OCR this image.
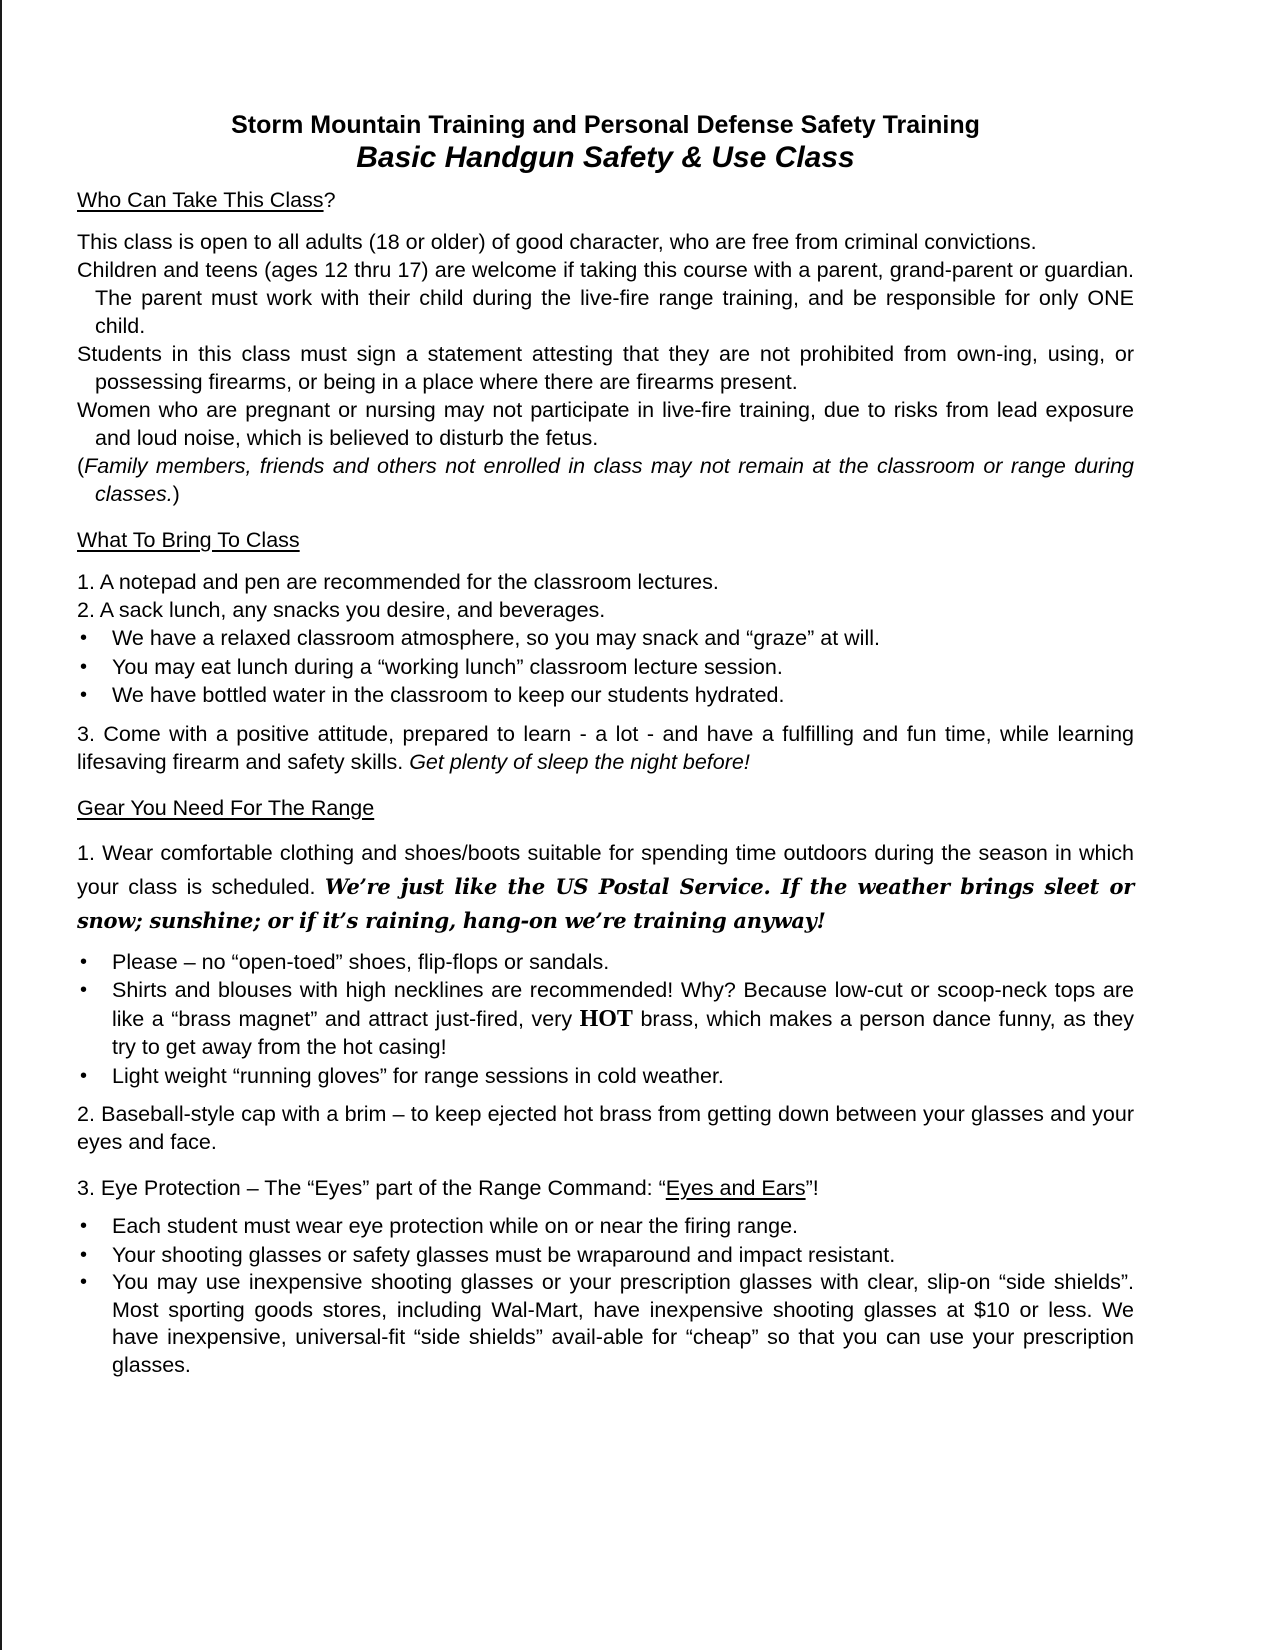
Storm Mountain Training and Personal Defense Safety Training
Basic Handgun Safety & Use Class
Who Can Take This Class?

This class is open to all adults (18 or older) of good character, who are free from criminal convictions.

Children and teens (ages 12 thru 17) are welcome if taking this course with a parent, grand-parent or guardian. The parent must work with their child during the live-fire range training, and be responsible for only ONE child.

Students in this class must sign a statement attesting that they are not prohibited from own-ing, using, or possessing firearms, or being in a place where there are firearms present.

Women who are pregnant or nursing may not participate in live-fire training, due to risks from lead exposure and loud noise, which is believed to disturb the fetus.

(Family members, friends and others not enrolled in class may not remain at the classroom or range during classes.)

What To Bring To Class

1. A notepad and pen are recommended for the classroom lectures.

2. A sack lunch, any snacks you desire, and beverages.

• We have a relaxed classroom atmosphere, so you may snack and “graze” at will.
• You may eat lunch during a “working lunch” classroom lecture session.
• We have bottled water in the classroom to keep our students hydrated.

3. Come with a positive attitude, prepared to learn - a lot - and have a fulfilling and fun time, while learning lifesaving firearm and safety skills. Get plenty of sleep the night before!

Gear You Need For The Range

1. Wear comfortable clothing and shoes/boots suitable for spending time outdoors during the season in which your class is scheduled. We’re just like the US Postal Service. If the weather brings sleet or snow; sunshine; or if it’s raining, hang-on we’re training anyway!

• Please – no “open-toed” shoes, flip-flops or sandals.
• Shirts and blouses with high necklines are recommended! Why? Because low-cut or scoop-neck tops are like a “brass magnet” and attract just-fired, very HOT brass, which makes a person dance funny, as they try to get away from the hot casing!
• Light weight “running gloves” for range sessions in cold weather.

2. Baseball-style cap with a brim – to keep ejected hot brass from getting down between your glasses and your eyes and face.

3. Eye Protection – The “Eyes” part of the Range Command: “Eyes and Ears”!

• Each student must wear eye protection while on or near the firing range.
• Your shooting glasses or safety glasses must be wraparound and impact resistant.
• You may use inexpensive shooting glasses or your prescription glasses with clear, slip-on “side shields”. Most sporting goods stores, including Wal-Mart, have inexpensive shooting glasses at $10 or less. We have inexpensive, universal-fit “side shields” avail-able for “cheap” so that you can use your prescription glasses.
